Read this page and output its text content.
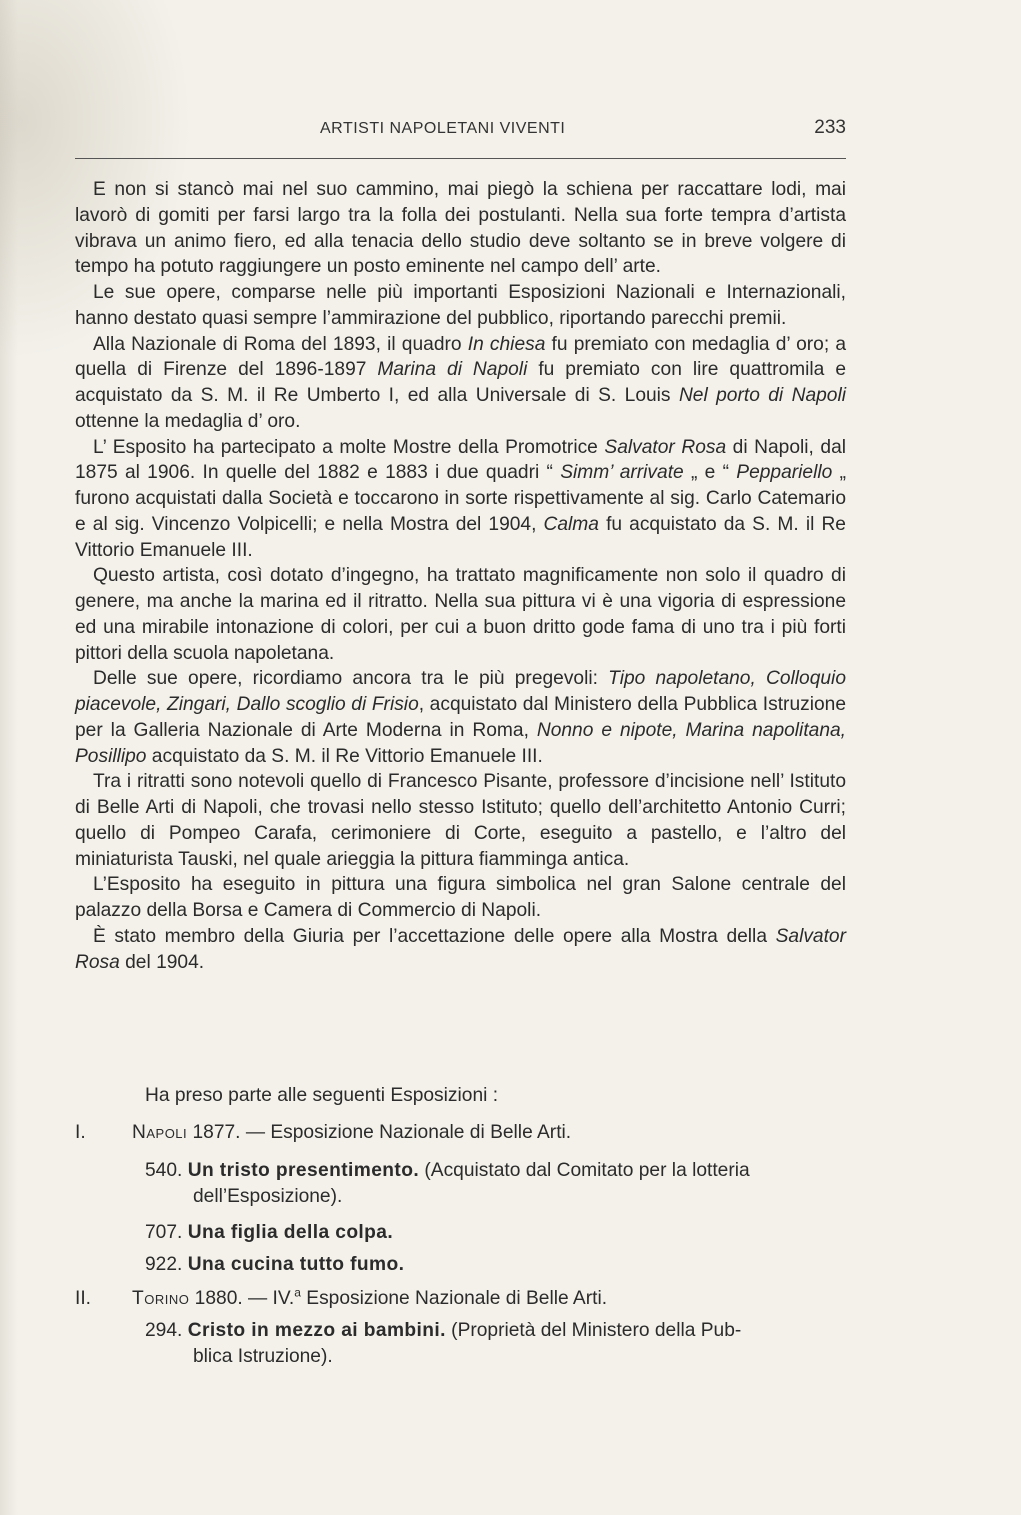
ARTISTI NAPOLETANI VIVENTI	233

E non si stancò mai nel suo cammino, mai piegò la schiena per raccattare lodi, mai lavorò di gomiti per farsi largo tra la folla dei postulanti. Nella sua forte tempra d’artista vibrava un animo fiero, ed alla tenacia dello studio deve soltanto se in breve volgere di tempo ha potuto raggiungere un posto eminente nel campo dell’ arte.

Le sue opere, comparse nelle più importanti Esposizioni Nazionali e Internazionali, hanno destato quasi sempre l’ammirazione del pubblico, riportando parecchi premii.

Alla Nazionale di Roma del 1893, il quadro In chiesa fu premiato con medaglia d’ oro; a quella di Firenze del 1896-1897 Marina di Napoli fu premiato con lire quattromila e acquistato da S. M. il Re Umberto I, ed alla Universale di S. Louis Nel porto di Napoli ottenne la medaglia d’ oro.

L’ Esposito ha partecipato a molte Mostre della Promotrice Salvator Rosa di Napoli, dal 1875 al 1906. In quelle del 1882 e 1883 i due quadri “ Simm’ arrivate „ e “ Peppariello „ furono acquistati dalla Società e toccarono in sorte rispettivamente al sig. Carlo Catemario e al sig. Vincenzo Volpicelli; e nella Mostra del 1904, Calma fu acquistato da S. M. il Re Vittorio Emanuele III.

Questo artista, così dotato d’ingegno, ha trattato magnificamente non solo il quadro di genere, ma anche la marina ed il ritratto. Nella sua pittura vi è una vigoria di espressione ed una mirabile intonazione di colori, per cui a buon dritto gode fama di uno tra i più forti pittori della scuola napoletana.

Delle sue opere, ricordiamo ancora tra le più pregevoli: Tipo napoletano, Colloquio piacevole, Zingari, Dallo scoglio di Frisio, acquistato dal Ministero della Pubblica Istruzione per la Galleria Nazionale di Arte Moderna in Roma, Nonno e nipote, Marina napolitana, Posillipo acquistato da S. M. il Re Vittorio Emanuele III.

Tra i ritratti sono notevoli quello di Francesco Pisante, professore d’incisione nell’ Istituto di Belle Arti di Napoli, che trovasi nello stesso Istituto; quello dell’architetto Antonio Curri; quello di Pompeo Carafa, cerimoniere di Corte, eseguito a pastello, e l’altro del miniaturista Tauski, nel quale arieggia la pittura fiamminga antica.

L’Esposito ha eseguito in pittura una figura simbolica nel gran Salone centrale del palazzo della Borsa e Camera di Commercio di Napoli.

È stato membro della Giuria per l’accettazione delle opere alla Mostra della Salvator Rosa del 1904.

Ha preso parte alle seguenti Esposizioni :
I. Napoli 1877. — Esposizione Nazionale di Belle Arti.
540. Un tristo presentimento. (Acquistato dal Comitato per la lotteria
dell’Esposizione).
707. Una figlia della colpa.
922. Una cucina tutto fumo.
II. Torino 1880. — IV.$^a$ Esposizione Nazionale di Belle Arti.
294. Cristo in mezzo ai bambini. (Proprietà del Ministero della Pub-
blica Istruzione).
